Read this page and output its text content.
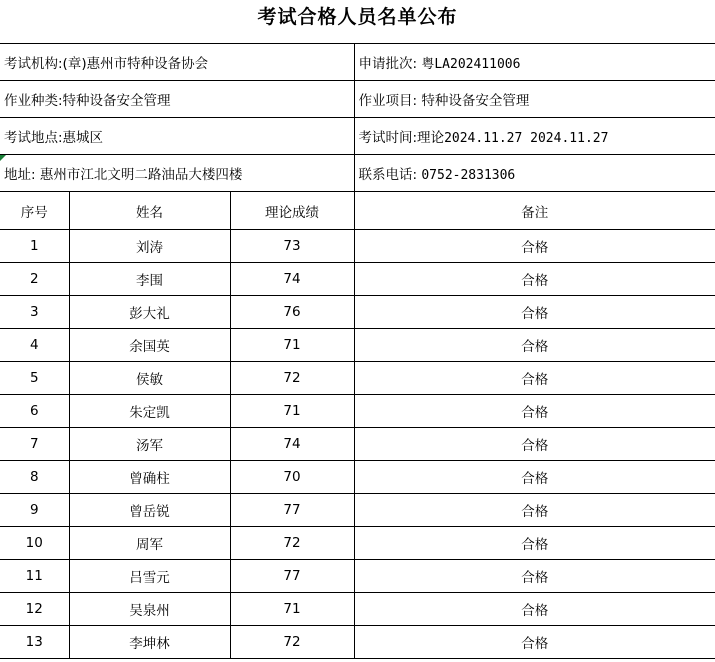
考试合格人员名单公布
考试机构:(章)惠州市特种设备协会	申请批次: 粤LA202411006
作业种类:特种设备安全管理	作业项目: 特种设备安全管理
考试地点:惠城区	考试时间:理论2024.11.27 2024.11.27
地址: 惠州市江北文明二路油品大楼四楼	联系电话: 0752-2831306
序号	姓名	理论成绩	备注
1	刘涛	73	合格
2	李围	74	合格
3	彭大礼	76	合格
4	余国英	71	合格
5	侯敏	72	合格
6	朱定凯	71	合格
7	汤军	74	合格
8	曾确柱	70	合格
9	曾岳锐	77	合格
10	周军	72	合格
11	吕雪元	77	合格
12	吴泉州	71	合格
13	李坤林	72	合格
